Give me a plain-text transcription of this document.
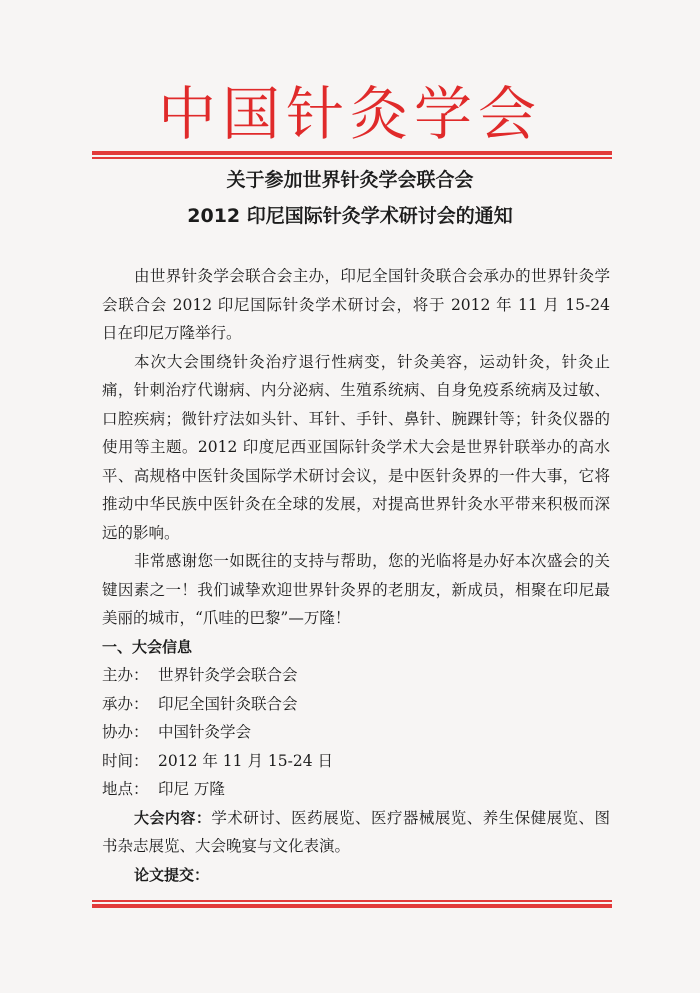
中国针灸学会
关于参加世界针灸学会联合会
2012 印尼国际针灸学术研讨会的通知

由世界针灸学会联合会主办，印尼全国针灸联合会承办的世界针灸学会联合会 2012 印尼国际针灸学术研讨会，将于 2012 年 11 月 15-24 日在印尼万隆举行。

本次大会围绕针灸治疗退行性病变，针灸美容，运动针灸，针灸止痛，针刺治疗代谢病、内分泌病、生殖系统病、自身免疫系统病及过敏、口腔疾病；微针疗法如头针、耳针、手针、鼻针、腕踝针等；针灸仪器的使用等主题。2012 印度尼西亚国际针灸学术大会是世界针联举办的高水平、高规格中医针灸国际学术研讨会议，是中医针灸界的一件大事，它将推动中华民族中医针灸在全球的发展，对提高世界针灸水平带来积极而深远的影响。

非常感谢您一如既往的支持与帮助，您的光临将是办好本次盛会的关键因素之一！我们诚挚欢迎世界针灸界的老朋友，新成员，相聚在印尼最美丽的城市，“爪哇的巴黎”—万隆！

一、大会信息

主办： 世界针灸学会联合会

承办： 印尼全国针灸联合会

协办： 中国针灸学会

时间： 2012 年 11 月 15-24 日

地点： 印尼 万隆

大会内容：学术研讨、医药展览、医疗器械展览、养生保健展览、图书杂志展览、大会晚宴与文化表演。

论文提交：
